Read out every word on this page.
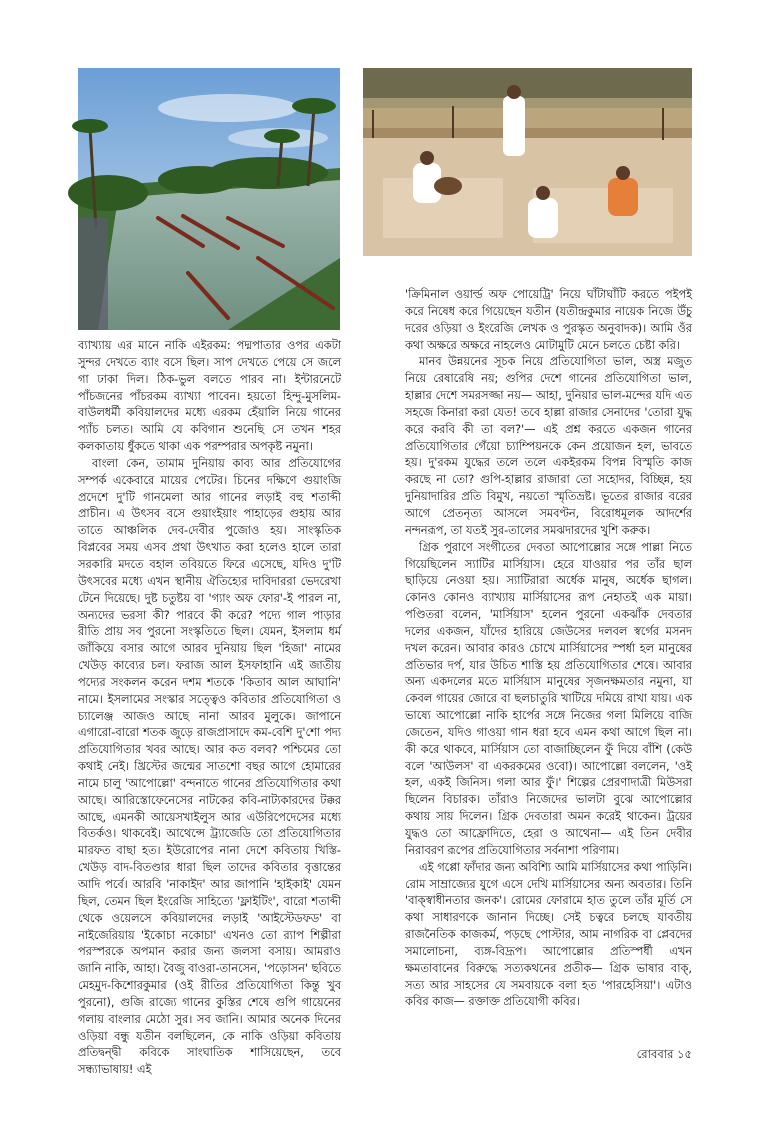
ব্যাখ্যায় এর মানে নাকি এইরকম: পদ্মপাতার ওপর একটা সুন্দর দেখতে ব্যাং বসে ছিল। সাপ দেখতে পেয়ে সে জলে গা ঢাকা দিল। ঠিক-ভুল বলতে পারব না। ইন্টারনেটে পাঁচজনের পাঁচরকম ব্যাখ্যা পাবেন। হয়তো হিন্দু-মুসলিম-বাউলধর্মী কবিয়ালদের মধ্যে এরকম হেঁয়ালি নিয়ে গানের প্যাঁচ চলত। আমি যে কবিগান শুনেছি সে তখন শহর কলকাতায় ধুঁকতে থাকা এক পরম্পরার অপকৃষ্ট নমুনা।

বাংলা কেন, তামাম দুনিয়ায় কাব্য আর প্রতিযোগের সম্পর্ক একেবারে মায়ের পেটের। চিনের দক্ষিণে গুয়াংজি প্রদেশে দু'টি গানমেলা আর গানের লড়াই বহু শতাব্দী প্রাচীন। এ উৎসব বসে গুয়াংইয়াং পাহাড়ের গুহায় আর তাতে আঞ্চলিক দেব-দেবীর পুজোও হয়। সাংস্কৃতিক বিপ্লবের সময় এসব প্রথা উৎখাত করা হলেও হালে তারা সরকারি মদতে বহাল তবিয়তে ফিরে এসেছে, যদিও দু'টি উৎসবের মধ্যে এখন স্থানীয় ঐতিহ্যের দাবিদাররা ভেদরেখা টেনে দিয়েছে। দুষ্ট চতুষ্টয় বা 'গ্যাং অফ ফোর'-ই পারল না, অন্যদের ভরসা কী? পারবে কী করে? পদ্যে গাল পাড়ার রীতি প্রায় সব পুরনো সংস্কৃতিতে ছিল। যেমন, ইসলাম ধর্ম জাঁকিয়ে বসার আগে আরব দুনিয়ায় ছিল 'হিজা' নামের খেউড় কাব্যের চল। ফরাজ আল ইসফাহানি এই জাতীয় পদ্যের সংকলন করেন দশম শতকে 'কিতাব আল আঘানি' নামে। ইসলামের সংস্কার সত্ত্বেও কবিতার প্রতিযোগিতা ও চ্যালেঞ্জ আজও আছে নানা আরব মুলুকে। জাপানে এগারো-বারো শতক জুড়ে রাজপ্রাসাদে কম-বেশি দু'শো পদ্য প্রতিযোগিতার খবর আছে। আর কত বলব? পশ্চিমের তো কথাই নেই। খ্রিস্টের জন্মের সাতশো বছর আগে হোমারের নামে চালু 'আপোল্লো' বন্দনাতে গানের প্রতিযোগিতার কথা আছে। আরিস্তোফেনেসের নাটকের কবি-নাট্যকারদের টক্কর আছে, এমনকী আয়েসখাইলুস আর এউরিপেদেসের মধ্যে বিতর্কও। থাকবেই। আথেন্সে ট্র্যাজেডি তো প্রতিযোগিতার মারফত বাছা হত। ইউরোপের নানা দেশে কবিতায় খিস্তি-খেউড় বাদ-বিতণ্ডার ধারা ছিল তাদের কবিতার বৃত্তান্তের আদি পর্বে। আরবি 'নাকাইদ' আর জাপানি 'হাইকাই' যেমন ছিল, তেমন ছিল ইংরেজি সাহিত্যে 'ফ্লাইটিং', বারো শতাব্দী থেকে ওয়েলসে কবিয়ালদের লড়াই 'আইস্টেডফড' বা নাইজেরিয়ায় 'ইকোচা নকোচা' এখনও তো র‍্যাপ শিল্পীরা পরস্পরকে অপমান করার জন্য জলসা বসায়। আমরাও জানি নাকি, আহা। বৈজু বাওরা-তানসেন, 'পড়োসন' ছবিতে মেহমুদ-কিশোরকুমার (ওই রীতির প্রতিযোগিতা কিন্তু খুব পুরনো), গুজি রাজ্যে গানের কুস্তির শেষে গুপি গায়েনের গলায় বাংলার মেঠো সুর। সব জানি। আমার অনেক দিনের ওড়িয়া বন্ধু যতীন বলছিলেন, কে নাকি ওড়িয়া কবিতায় প্রতিদ্বন্দ্বী কবিকে সাংঘাতিক শাসিয়েছেন, তবে সন্ধ্যাভাষায়! এই

'ক্রিমিনাল ওয়ার্ল্ড অফ পোয়েট্রি' নিয়ে ঘাঁটাঘাঁটি করতে পইপই করে নিষেধ করে গিয়েছেন যতীন (যতীন্দ্রকুমার নায়েক নিজে উঁচু দরের ওড়িয়া ও ইংরেজি লেখক ও পুরস্কৃত অনুবাদক)। আমি ওঁর কথা অক্ষরে অক্ষরে নাহলেও মোটামুটি মেনে চলতে চেষ্টা করি।

মানব উন্নয়নের সূচক নিয়ে প্রতিযোগিতা ভাল, অস্ত্র মজুত নিয়ে রেষারেষি নয়; গুপির দেশে গানের প্রতিযোগিতা ভাল, হাল্লার দেশে সমরসজ্জা নয়— আহা, দুনিয়ার ভাল-মন্দের যদি এত সহজে কিনারা করা যেত! তবে হাল্লা রাজার সেনাদের 'তোরা যুদ্ধ করে করবি কী তা বল?'— এই প্রশ্ন করতে একজন গানের প্রতিযোগিতার গেঁয়ো চ্যাম্পিয়নকে কেন প্রয়োজন হল, ভাবতে হয়। দু'রকম যুদ্ধের তলে তলে একইরকম বিপন্ন বিস্মৃতি কাজ করছে না তো? গুপি-হাল্লার রাজারা তো সহোদর, বিচ্ছিন্ন, হয় দুনিয়াদারির প্রতি বিমুখ, নয়তো স্মৃতিভ্রষ্ট। ভূতের রাজার বরের আগে প্রেতনৃত্য আসলে সমবণ্টন, বিরোধমূলক আদর্শের নন্দনরূপ, তা যতই সুর-তালের সমঝদারদের খুশি করুক।

গ্রিক পুরাণে সংগীতের দেবতা আপোল্লোর সঙ্গে পাল্লা নিতে গিয়েছিলেন স্যাটির মার্সিয়াস। হেরে যাওয়ার পর তাঁর ছাল ছাড়িয়ে নেওয়া হয়। স্যাটিরারা অর্ধেক মানুষ, অর্ধেক ছাগল। কোনও কোনও ব্যাখ্যায় মার্সিয়াসের রূপ নেহাতই এক মায়া। পণ্ডিতরা বলেন, 'মার্সিয়াস' হলেন পুরনো একঝাঁক দেবতার দলের একজন, যাঁদের হারিয়ে জেউসের দলবল স্বর্গের মসনদ দখল করেন। আবার কারও চোখে মার্সিয়াসের স্পর্ধা হল মানুষের প্রতিভার দর্প, যার উচিত শাস্তি হয় প্রতিযোগিতার শেষে। আবার অন্য একদলের মতে মার্সিয়াস মানুষের সৃজনক্ষমতার নমুনা, যা কেবল গায়ের জোরে বা ছলচাতুরি খাটিয়ে দমিয়ে রাখা যায়। এক ভাষ্যে আপোল্লো নাকি হার্পের সঙ্গে নিজের গলা মিলিয়ে বাজি জেতেন, যদিও গাওয়া গান ধরা হবে এমন কথা আগে ছিল না। কী করে থাকবে, মার্সিয়াস তো বাজাচ্ছিলেন ফুঁ দিয়ে বাঁশি (কেউ বলে 'আউলস' বা একরকমের ওবো)। আপোল্লো বললেন, 'ওই হল, একই জিনিস। গলা আর ফুঁ।' শিল্পের প্রেরণাদাত্রী মিউসরা ছিলেন বিচারক। তাঁরাও নিজেদের ভালটা বুঝে আপোল্লোর কথায় সায় দিলেন। গ্রিক দেবতারা অমন করেই থাকেন। ট্রয়ের যুদ্ধও তো আফ্রোদিতে, হেরা ও আথেনা— এই তিন দেবীর নিরাবরণ রূপের প্রতিযোগিতার সর্বনাশা পরিণাম।

এই গপ্পো ফাঁদার জন্য অবিশ্যি আমি মার্সিয়াসের কথা পাড়িনি। রোম সাম্রাজ্যের যুগে এসে দেখি মার্সিয়াসের অন্য অবতার। তিনি 'বাক্‌স্বাধীনতার জনক'। রোমের ফোরামে হাত তুলে তাঁর মূর্তি সে কথা সাধারণকে জানান দিচ্ছে। সেই চত্বরে চলছে যাবতীয় রাজনৈতিক কাজকর্ম, পড়ছে পোস্টার, আম নাগরিক বা প্লেবদের সমালোচনা, ব্যঙ্গ-বিদ্রূপ। আপোল্লোর প্রতিস্পর্ধী এখন ক্ষমতাবানের বিরুদ্ধে সত্যকথনের প্রতীক— গ্রিক ভাষার বাক্‌, সত্য আর সাহসের যে সমবায়কে বলা হত 'পারহেসিয়া'। এটাও কবির কাজ— রক্তাক্ত প্রতিযোগী কবির।

রোববার ১৫
